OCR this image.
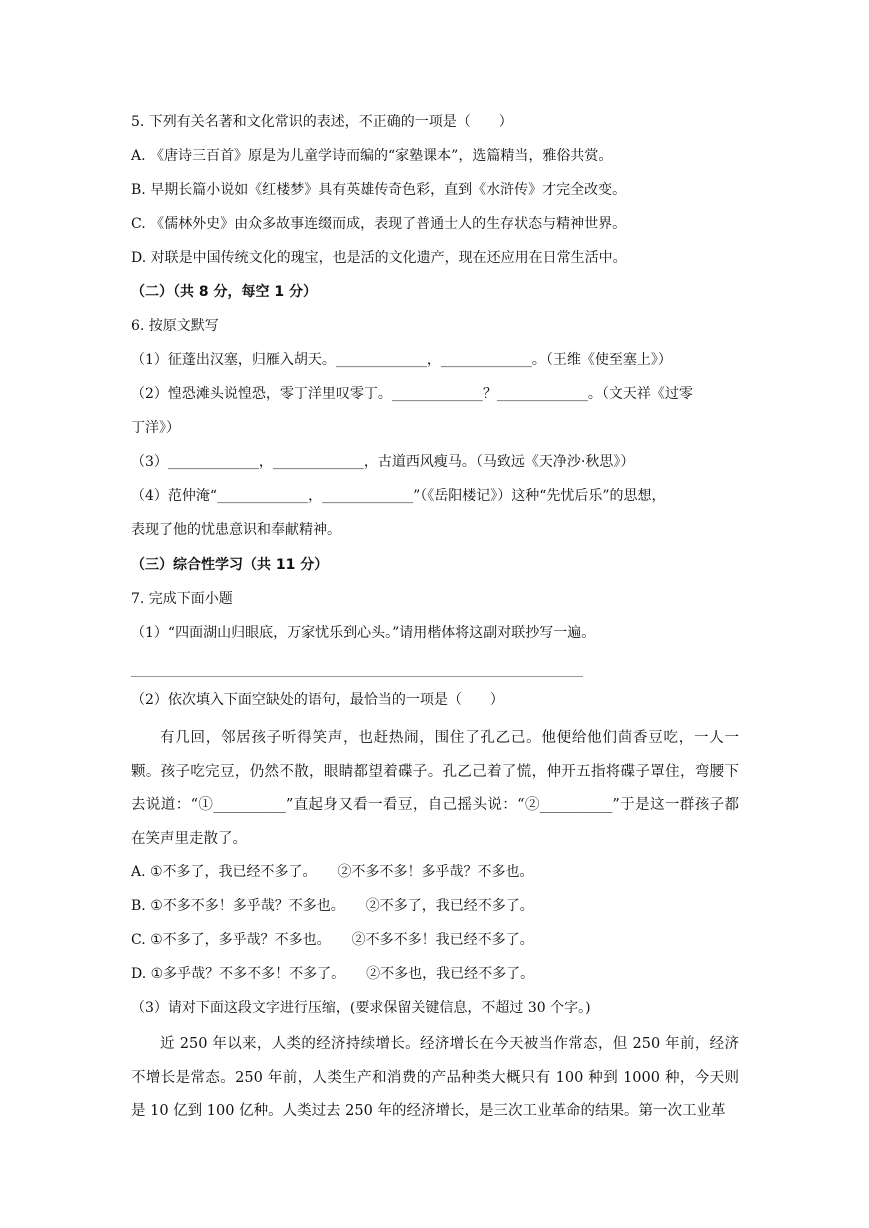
5. 下列有关名著和文化常识的表述，不正确的一项是（　　）
A. 《唐诗三百首》原是为儿童学诗而编的“家塾课本”，选篇精当，雅俗共赏。
B. 早期长篇小说如《红楼梦》具有英雄传奇色彩，直到《水浒传》才完全改变。
C. 《儒林外史》由众多故事连缀而成，表现了普通士人的生存状态与精神世界。
D. 对联是中国传统文化的瑰宝，也是活的文化遗产，现在还应用在日常生活中。
（二）（共 8 分，每空 1 分）
6. 按原文默写
（1）征蓬出汉塞，归雁入胡天。_____________，_____________。（王维《使至塞上》）
（2）惶恐滩头说惶恐，零丁洋里叹零丁。_____________？_____________。（文天祥《过零
丁洋》）
（3）_____________，_____________，古道西风瘦马。（马致远《天净沙·秋思》）
（4）范仲淹“_____________，_____________”（《岳阳楼记》）这种“先忧后乐”的思想，
表现了他的忧患意识和奉献精神。
（三）综合性学习（共 11 分）
7. 完成下面小题
（1）“四面湖山归眼底，万家忧乐到心头。”请用楷体将这副对联抄写一遍。
（2）依次填入下面空缺处的语句，最恰当的一项是（　　）
有几回，邻居孩子听得笑声，也赶热闹，围住了孔乙己。他便给他们茴香豆吃，一人一颗。孩子吃完豆，仍然不散，眼睛都望着碟子。孔乙己着了慌，伸开五指将碟子罩住，弯腰下去说道：“①__________”直起身又看一看豆，自己摇头说：“②__________”于是这一群孩子都在笑声里走散了。
A. ①不多了，我已经不多了。　　②不多不多！多乎哉？不多也。
B. ①不多不多！多乎哉？不多也。　　②不多了，我已经不多了。
C. ①不多了，多乎哉？不多也。　　②不多不多！我已经不多了。
D. ①多乎哉？不多不多！不多了。　　②不多也，我已经不多了。
（3）请对下面这段文字进行压缩，(要求保留关键信息，不超过 30 个字。)
近 250 年以来，人类的经济持续增长。经济增长在今天被当作常态，但 250 年前，经济不增长是常态。250 年前，人类生产和消费的产品种类大概只有 100 种到 1000 种，今天则是 10 亿到 100 亿种。人类过去 250 年的经济增长，是三次工业革命的结果。第一次工业革
